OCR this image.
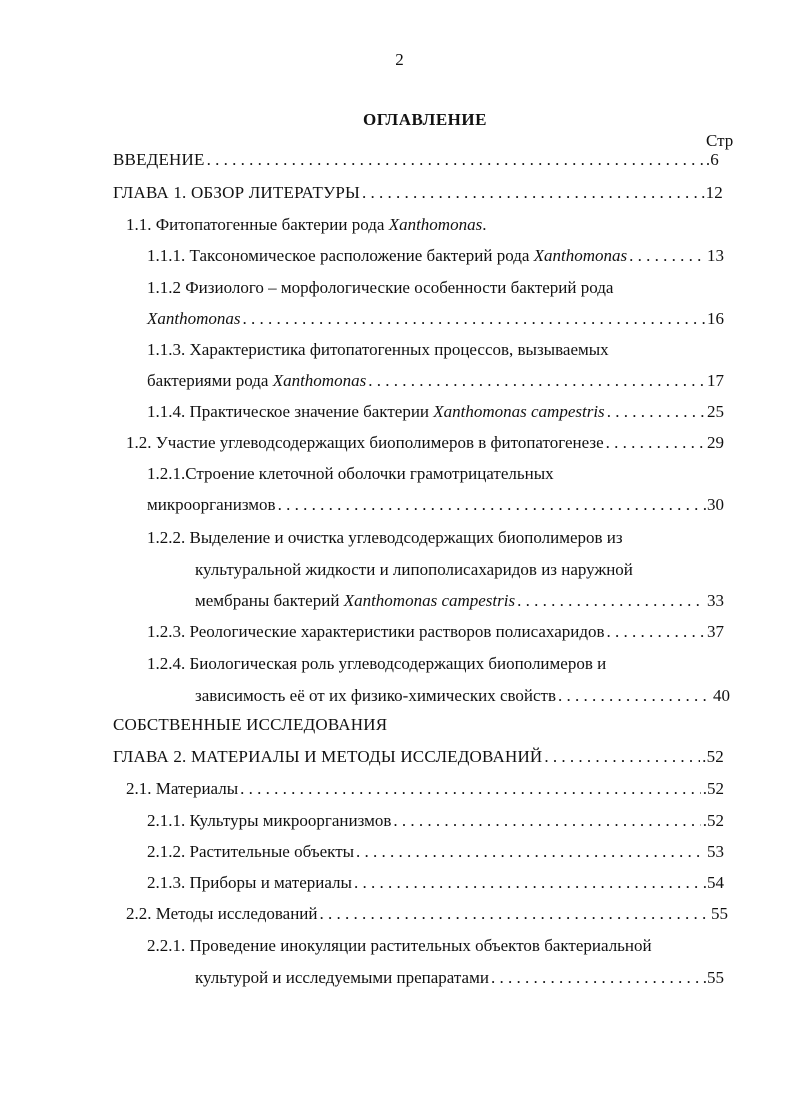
2
ОГЛАВЛЕНИЕ
Стр
ВВЕДЕНИЕ . . .	.6
ГЛАВА 1. ОБЗОР ЛИТЕРАТУРЫ . . .	.12
1.1. Фитопатогенные бактерии рода Xanthomonas.
1.1.1. Таксономическое расположение бактерий рода Xanthomonas . . .	13
1.1.2 Физиолого – морфологические особенности бактерий рода
Xanthomonas . . .	16
1.1.3. Характеристика фитопатогенных процессов, вызываемых
бактериями рода Xanthomonas . . .	17
1.1.4. Практическое значение бактерии Xanthomonas campestris . . .	25
1.2. Участие углеводсодержащих биополимеров в фитопатогенезе . . .	29
1.2.1.Строение клеточной оболочки грамотрицательных
микроорганизмов . . .	.30
1.2.2. Выделение и очистка углеводсодержащих биополимеров из
культуральной жидкости и липополисахаридов из наружной
мембраны бактерий Xanthomonas campestris . . .	33
1.2.3. Реологические характеристики растворов полисахаридов . . .	37
1.2.4. Биологическая роль углеводсодержащих биополимеров и
зависимость её от их физико-химических свойств . . .	40
СОБСТВЕННЫЕ ИССЛЕДОВАНИЯ
ГЛАВА 2. МАТЕРИАЛЫ И МЕТОДЫ ИССЛЕДОВАНИЙ . . .	.52
2.1. Материалы . . .	.52
2.1.1. Культуры микроорганизмов . . .	.52
2.1.2. Растительные объекты . . .	53
2.1.3. Приборы и материалы . . .	.54
2.2. Методы исследований . . .	55
2.2.1. Проведение инокуляции растительных объектов бактериальной
культурой и исследуемыми препаратами . . .	.55
